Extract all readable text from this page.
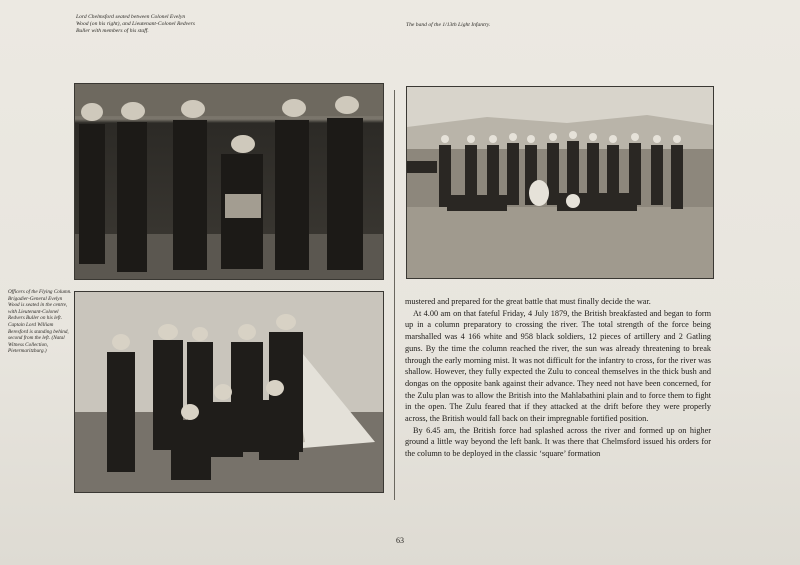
Lord Chelmsford seated between Colonel Evelyn Wood (on his right), and Lieutenant-Colonel Redvers Buller with members of his staff.
The band of the 1/13th Light Infantry.
Officers of the Flying Column. Brigadier-General Evelyn Wood is seated in the centre, with Lieutenant-Colonel Redvers Buller on his left. Captain Lord William Beresford is standing behind, second from the left. (Natal Witness Collection, Pietermaritzburg.)

mustered and prepared for the great battle that must finally decide the war.

At 4.00 am on that fateful Friday, 4 July 1879, the British breakfasted and began to form up in a column preparatory to crossing the river. The total strength of the force being marshalled was 4 166 white and 958 black soldiers, 12 pieces of artillery and 2 Gatling guns. By the time the column reached the river, the sun was already threatening to break through the early morning mist. It was not difficult for the infantry to cross, for the river was shallow. However, they fully expected the Zulu to conceal themselves in the thick bush and dongas on the opposite bank against their advance. They need not have been concerned, for the Zulu plan was to allow the British into the Mahlabathini plain and to force them to fight in the open. The Zulu feared that if they attacked at the drift before they were properly across, the British would fall back on their impregnable fortified position.

By 6.45 am, the British force had splashed across the river and formed up on higher ground a little way beyond the left bank. It was there that Chelmsford issued his orders for the column to be deployed in the classic ‘square’ formation

63
